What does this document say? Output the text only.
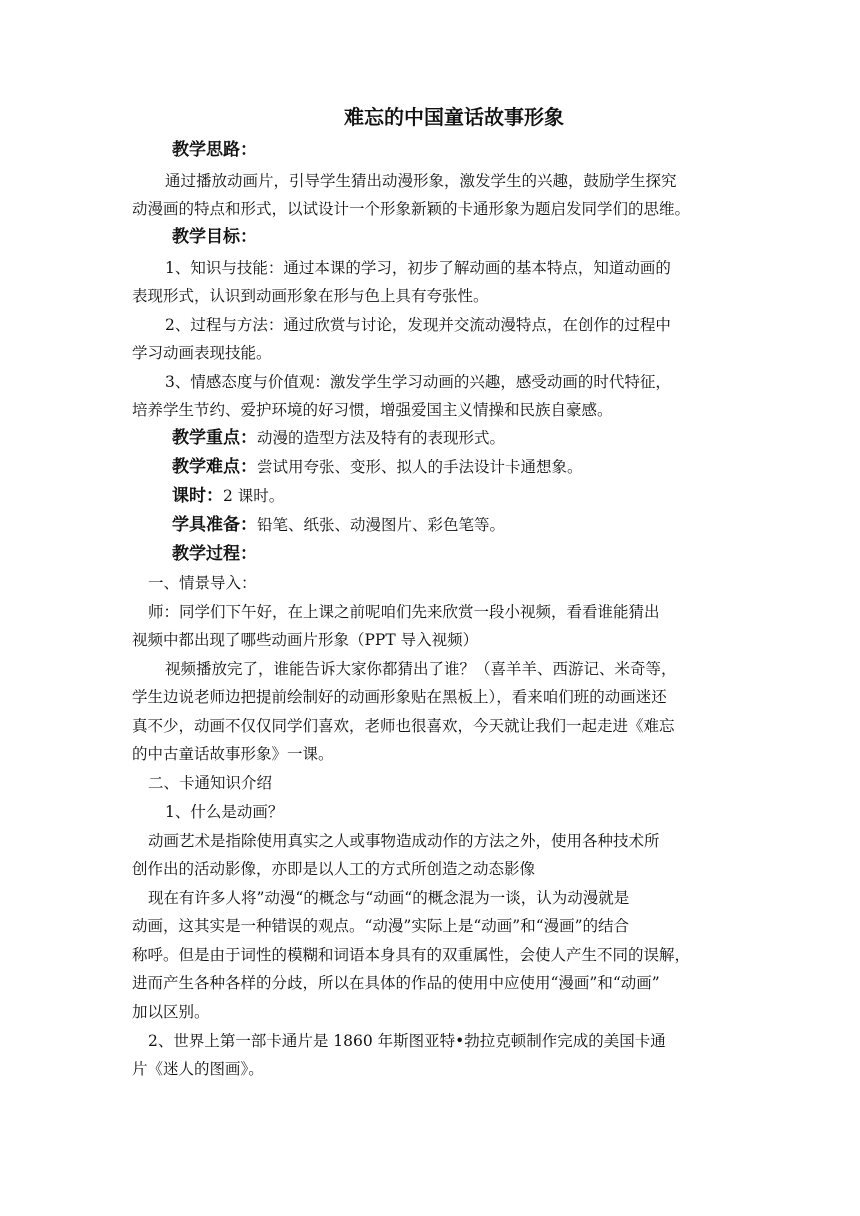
难忘的中国童话故事形象
教学思路：
通过播放动画片，引导学生猜出动漫形象，激发学生的兴趣，鼓励学生探究
动漫画的特点和形式，以试设计一个形象新颖的卡通形象为题启发同学们的思维。
教学目标：
1、知识与技能：通过本课的学习，初步了解动画的基本特点，知道动画的
表现形式，认识到动画形象在形与色上具有夸张性。
2、过程与方法：通过欣赏与讨论，发现并交流动漫特点，在创作的过程中
学习动画表现技能。
3、情感态度与价值观：激发学生学习动画的兴趣，感受动画的时代特征，
培养学生节约、爱护环境的好习惯，增强爱国主义情操和民族自豪感。
教学重点：动漫的造型方法及特有的表现形式。
教学难点：尝试用夸张、变形、拟人的手法设计卡通想象。
课时：2 课时。
学具准备：铅笔、纸张、动漫图片、彩色笔等。
教学过程：
一、情景导入：
师：同学们下午好，在上课之前呢咱们先来欣赏一段小视频，看看谁能猜出
视频中都出现了哪些动画片形象（PPT 导入视频）
视频播放完了，谁能告诉大家你都猜出了谁？（喜羊羊、西游记、米奇等，
学生边说老师边把提前绘制好的动画形象贴在黑板上），看来咱们班的动画迷还
真不少，动画不仅仅同学们喜欢，老师也很喜欢，今天就让我们一起走进《难忘
的中古童话故事形象》一课。
二、卡通知识介绍
1、什么是动画？
动画艺术是指除使用真实之人或事物造成动作的方法之外，使用各种技术所
创作出的活动影像，亦即是以人工的方式所创造之动态影像
现在有许多人将”动漫“的概念与“动画“的概念混为一谈，认为动漫就是
动画，这其实是一种错误的观点。“动漫”实际上是“动画”和“漫画”的结合
称呼。但是由于词性的模糊和词语本身具有的双重属性，会使人产生不同的误解，
进而产生各种各样的分歧，所以在具体的作品的使用中应使用“漫画”和“动画”
加以区别。
2、世界上第一部卡通片是 1860 年斯图亚特•勃拉克顿制作完成的美国卡通
片《迷人的图画》。
